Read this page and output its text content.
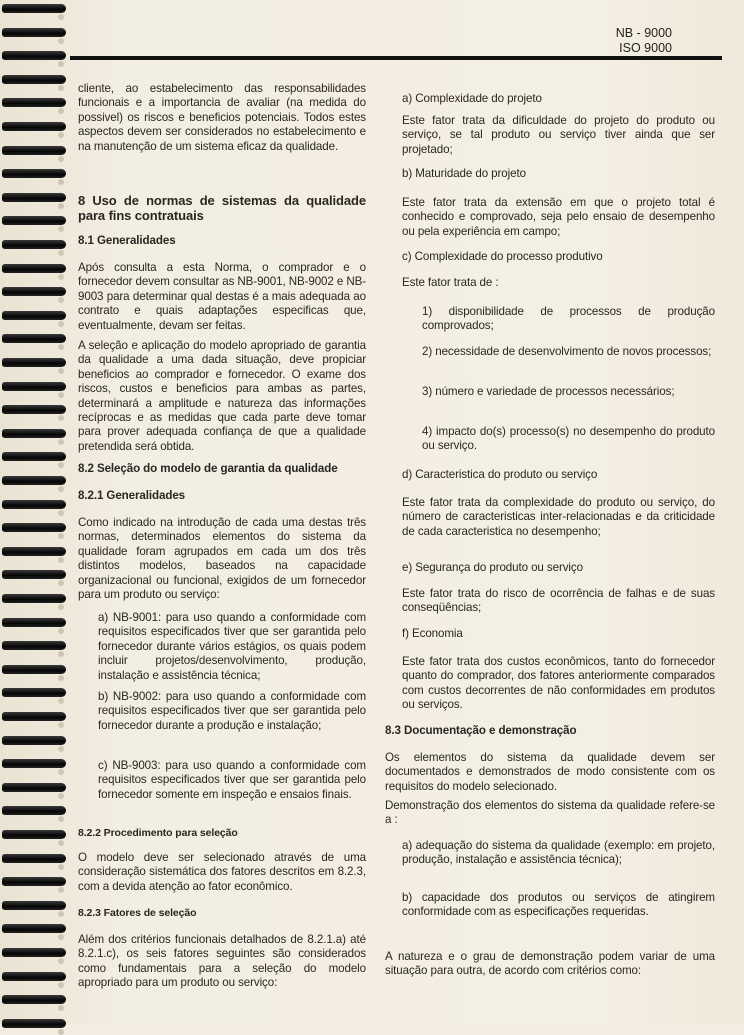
NB - 9000
ISO 9000
cliente, ao estabelecimento das responsabilidades funcionais e a importancia de avaliar (na medida do possivel) os riscos e beneficios potenciais. Todos estes aspectos devem ser considerados no estabelecimento e na manutenção de um sistema eficaz da qualidade.
8 Uso de normas de sistemas da qualidade para fins contratuais
8.1 Generalidades
Após consulta a esta Norma, o comprador e o fornecedor devem consultar as NB-9001, NB-9002 e NB-9003 para determinar qual destas é a mais adequada ao contrato e quais adaptações especificas que, eventualmente, devam ser feitas.
A seleção e aplicação do modelo apropriado de garantia da qualidade a uma dada situação, deve propiciar beneficios ao comprador e fornecedor. O exame dos riscos, custos e beneficios para ambas as partes, determinará a amplitude e natureza das informações recíprocas e as medidas que cada parte deve tomar para prover adequada confiança de que a qualidade pretendida será obtida.
8.2 Seleção do modelo de garantia da qualidade
8.2.1 Generalidades
Como indicado na introdução de cada uma destas três normas, determinados elementos do sistema da qualidade foram agrupados em cada um dos três distintos modelos, baseados na capacidade organizacional ou funcional, exigidos de um fornecedor para um produto ou serviço:
a) NB-9001: para uso quando a conformidade com requisitos especificados tiver que ser garantida pelo fornecedor durante vários estágios, os quais podem incluir projetos/desenvolvimento, produção, instalação e assistência técnica;
b) NB-9002: para uso quando a conformidade com requisitos especificados tiver que ser garantida pelo fornecedor durante a produção e instalação;
c) NB-9003: para uso quando a conformidade com requisitos especificados tiver que ser garantida pelo fornecedor somente em inspeção e ensaios finais.
8.2.2 Procedimento para seleção
O modelo deve ser selecionado através de uma consideração sistemática dos fatores descritos em 8.2.3, com a devida atenção ao fator econômico.
8.2.3 Fatores de seleção
Além dos critérios funcionais detalhados de 8.2.1.a) até 8.2.1.c), os seis fatores seguintes são considerados como fundamentais para a seleção do modelo apropriado para um produto ou serviço:
a) Complexidade do projeto
Este fator trata da dificuldade do projeto do produto ou serviço, se tal produto ou serviço tiver ainda que ser projetado;
b) Maturidade do projeto
Este fator trata da extensão em que o projeto total é conhecido e comprovado, seja pelo ensaio de desempenho ou pela experiência em campo;
c) Complexidade do processo produtivo
Este fator trata de :
1) disponibilidade de processos de produção comprovados;
2) necessidade de desenvolvimento de novos processos;
3) número e variedade de processos necessários;
4) impacto do(s) processo(s) no desempenho do produto ou serviço.
d) Caracteristica do produto ou serviço
Este fator trata da complexidade do produto ou serviço, do número de caracteristicas inter-relacionadas e da criticidade de cada caracteristica no desempenho;
e) Segurança do produto ou serviço
Este fator trata do risco de ocorrência de falhas e de suas conseqüências;
f) Economia
Este fator trata dos custos econômicos, tanto do fornecedor quanto do comprador, dos fatores anteriormente comparados com custos decorrentes de não conformidades em produtos ou serviços.
8.3 Documentação e demonstração
Os elementos do sistema da qualidade devem ser documentados e demonstrados de modo consistente com os requisitos do modelo selecionado.
Demonstração dos elementos do sistema da qualidade refere-se a :
a) adequação do sistema da qualidade (exemplo: em projeto, produção, instalação e assistência técnica);
b) capacidade dos produtos ou serviços de atingirem conformidade com as especificações requeridas.
A natureza e o grau de demonstração podem variar de uma situação para outra, de acordo com critérios como:
